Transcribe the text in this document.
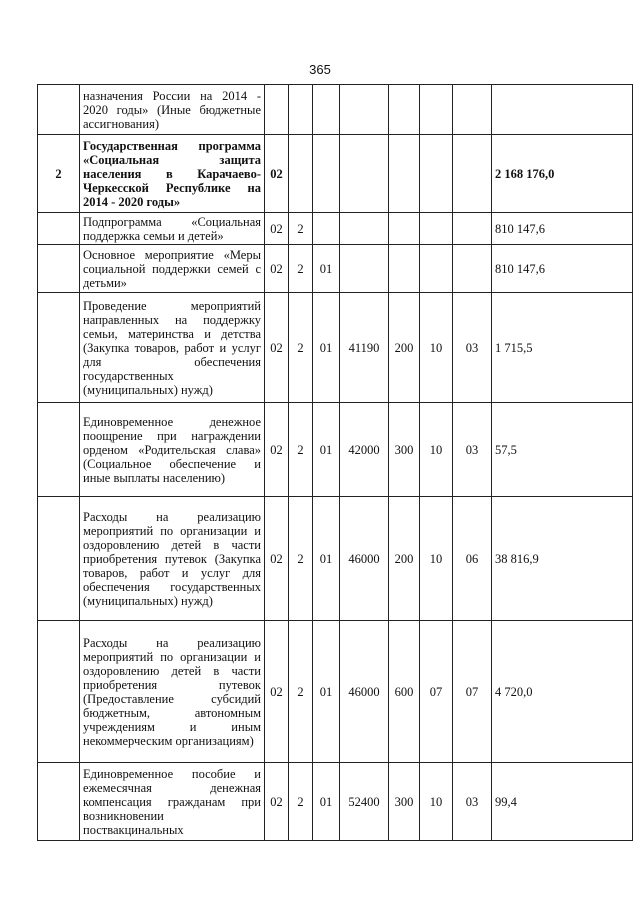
365
	назначения России на 2014 - 2020 годы» (Иные бюджетные ассигнования)								
2	Государственная программа «Социальная защита населения в Карачаево-Черкесской Республике на 2014 - 2020 годы»	02							2 168 176,0
	Подпрограмма «Социальная поддержка семьи и детей»	02	2						810 147,6
	Основное мероприятие «Меры социальной поддержки семей с детьми»	02	2	01					810 147,6
	Проведение мероприятий направленных на поддержку семьи, материнства и детства (Закупка товаров, работ и услуг для обеспечения государственных (муниципальных) нужд)	02	2	01	41190	200	10	03	1 715,5
	Единовременное денежное поощрение при награждении орденом «Родительская слава» (Социальное обеспечение и иные выплаты населению)	02	2	01	42000	300	10	03	57,5
	Расходы на реализацию мероприятий по организации и оздоровлению детей в части приобретения путевок (Закупка товаров, работ и услуг для обеспечения государственных (муниципальных) нужд)	02	2	01	46000	200	10	06	38 816,9
	Расходы на реализацию мероприятий по организации и оздоровлению детей в части приобретения путевок (Предоставление субсидий бюджетным, автономным учреждениям и иным некоммерческим организациям)	02	2	01	46000	600	07	07	4 720,0
	Единовременное пособие и ежемесячная денежная компенсация гражданам при возникновении поствакцинальных	02	2	01	52400	300	10	03	99,4
